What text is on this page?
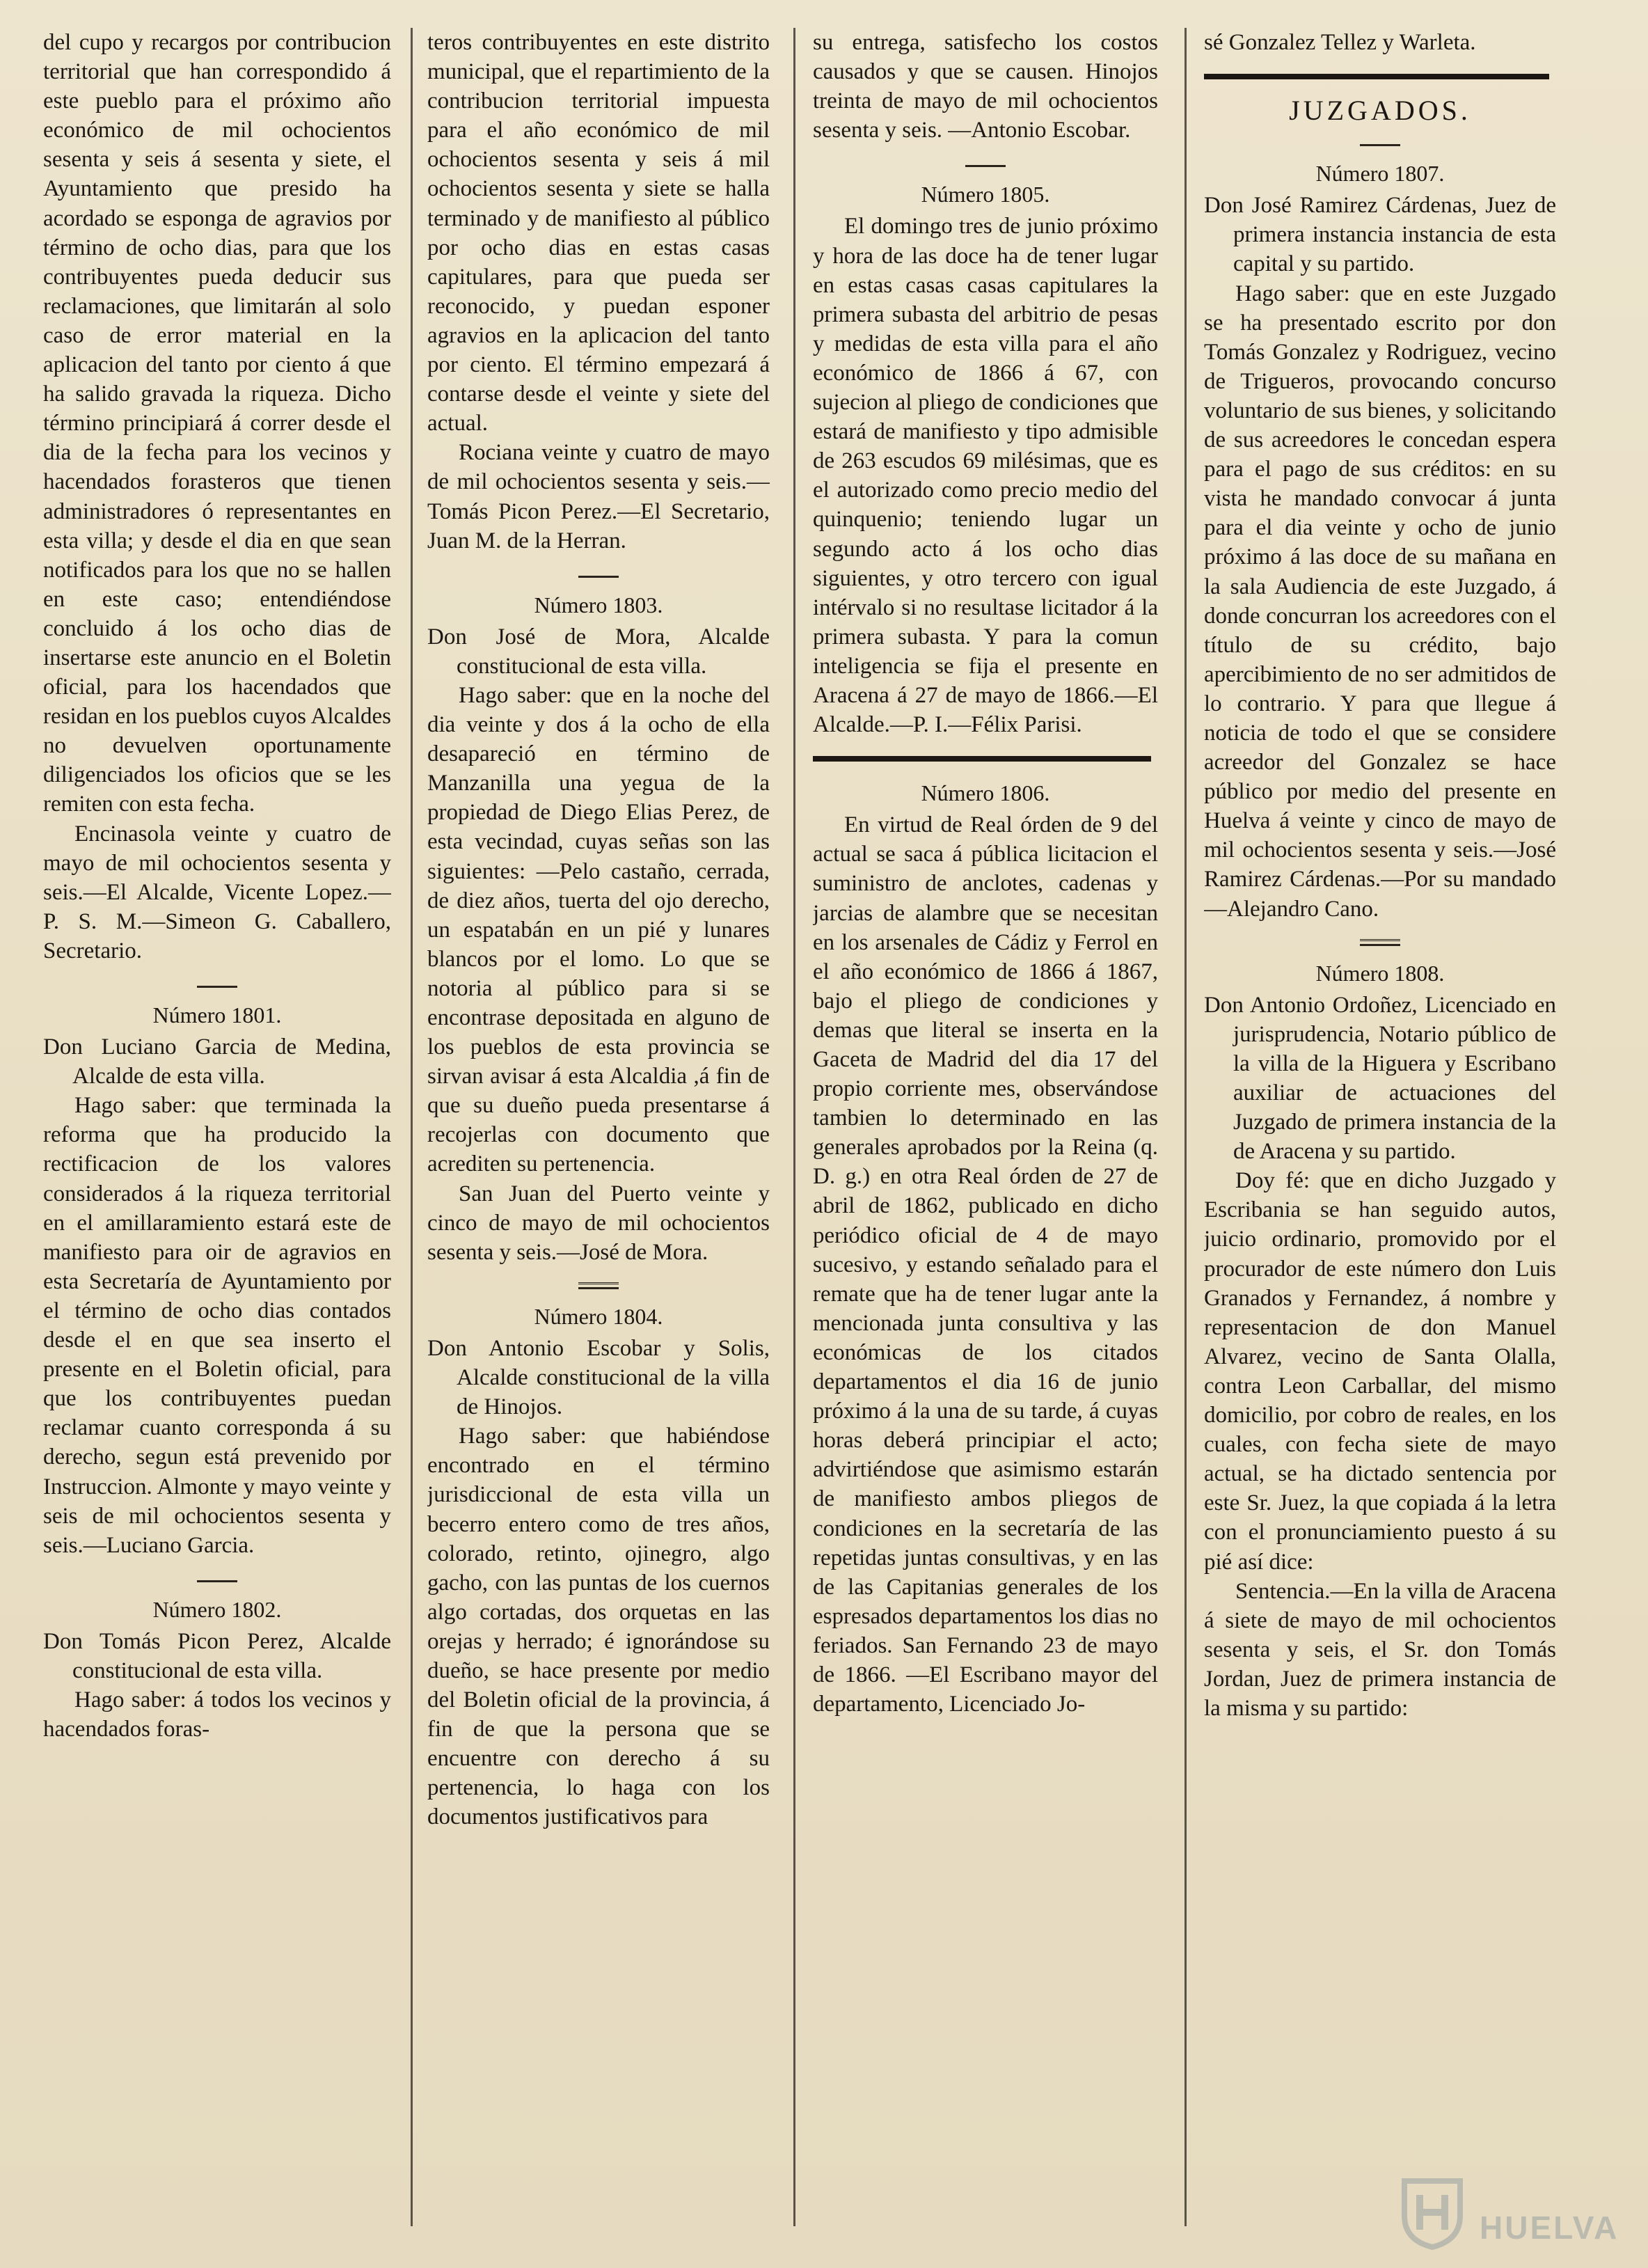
del cupo y recargos por contribucion territorial que han correspondido á este pueblo para el próximo año económico de mil ochocientos sesenta y seis á sesenta y siete, el Ayuntamiento que presido ha acordado se esponga de agravios por término de ocho dias, para que los contribuyentes pueda deducir sus reclamaciones, que limitarán al solo caso de error material en la aplicacion del tanto por ciento á que ha salido gravada la riqueza. Dicho término principiará á correr desde el dia de la fecha para los vecinos y hacendados forasteros que tienen administradores ó representantes en esta villa; y desde el dia en que sean notificados para los que no se hallen en este caso; entendiéndose concluido á los ocho dias de insertarse este anuncio en el Boletin oficial, para los hacendados que residan en los pueblos cuyos Alcaldes no devuelven oportunamente diligenciados los oficios que se les remiten con esta fecha.

Encinasola veinte y cuatro de mayo de mil ochocientos sesenta y seis.—El Alcalde, Vicente Lopez.—P. S. M.—Simeon G. Caballero, Secretario.

Número 1801.

Don Luciano Garcia de Medina, Alcalde de esta villa.

Hago saber: que terminada la reforma que ha producido la rectificacion de los valores considerados á la riqueza territorial en el amillaramiento estará este de manifiesto para oir de agravios en esta Secretaría de Ayuntamiento por el término de ocho dias contados desde el en que sea inserto el presente en el Boletin oficial, para que los contribuyentes puedan reclamar cuanto corresponda á su derecho, segun está prevenido por Instruccion. Almonte y mayo veinte y seis de mil ochocientos sesenta y seis.—Luciano Garcia.

Número 1802.

Don Tomás Picon Perez, Alcalde constitucional de esta villa.

Hago saber: á todos los vecinos y hacendados foras-

teros contribuyentes en este distrito municipal, que el repartimiento de la contribucion territorial impuesta para el año económico de mil ochocientos sesenta y seis á mil ochocientos sesenta y siete se halla terminado y de manifiesto al público por ocho dias en estas casas capitulares, para que pueda ser reconocido, y puedan esponer agravios en la aplicacion del tanto por ciento. El término empezará á contarse desde el veinte y siete del actual.

Rociana veinte y cuatro de mayo de mil ochocientos sesenta y seis.—Tomás Picon Perez.—El Secretario, Juan M. de la Herran.

Número 1803.

Don José de Mora, Alcalde constitucional de esta villa.

Hago saber: que en la noche del dia veinte y dos á la ocho de ella desapareció en término de Manzanilla una yegua de la propiedad de Diego Elias Perez, de esta vecindad, cuyas señas son las siguientes: —Pelo castaño, cerrada, de diez años, tuerta del ojo derecho, un espatabán en un pié y lunares blancos por el lomo. Lo que se notoria al público para si se encontrase depositada en alguno de los pueblos de esta provincia se sirvan avisar á esta Alcaldia ,á fin de que su dueño pueda presentarse á recojerlas con documento que acrediten su pertenencia.

San Juan del Puerto veinte y cinco de mayo de mil ochocientos sesenta y seis.—José de Mora.

Número 1804.

Don Antonio Escobar y Solis, Alcalde constitucional de la villa de Hinojos.

Hago saber: que habiéndose encontrado en el término jurisdiccional de esta villa un becerro entero como de tres años, colorado, retinto, ojinegro, algo gacho, con las puntas de los cuernos algo cortadas, dos orquetas en las orejas y herrado; é ignorándose su dueño, se hace presente por medio del Boletin oficial de la provincia, á fin de que la persona que se encuentre con derecho á su pertenencia, lo haga con los documentos justificativos para

su entrega, satisfecho los costos causados y que se causen. Hinojos treinta de mayo de mil ochocientos sesenta y seis. —Antonio Escobar.

Número 1805.

El domingo tres de junio próximo y hora de las doce ha de tener lugar en estas casas casas capitulares la primera subasta del arbitrio de pesas y medidas de esta villa para el año económico de 1866 á 67, con sujecion al pliego de condiciones que estará de manifiesto y tipo admisible de 263 escudos 69 milésimas, que es el autorizado como precio medio del quinquenio; teniendo lugar un segundo acto á los ocho dias siguientes, y otro tercero con igual intérvalo si no resultase licitador á la primera subasta. Y para la comun inteligencia se fija el presente en Aracena á 27 de mayo de 1866.—El Alcalde.—P. I.—Félix Parisi.

Número 1806.

En virtud de Real órden de 9 del actual se saca á pública licitacion el suministro de anclotes, cadenas y jarcias de alambre que se necesitan en los arsenales de Cádiz y Ferrol en el año económico de 1866 á 1867, bajo el pliego de condiciones y demas que literal se inserta en la Gaceta de Madrid del dia 17 del propio corriente mes, observándose tambien lo determinado en las generales aprobados por la Reina (q. D. g.) en otra Real órden de 27 de abril de 1862, publicado en dicho periódico oficial de 4 de mayo sucesivo, y estando señalado para el remate que ha de tener lugar ante la mencionada junta consultiva y las económicas de los citados departamentos el dia 16 de junio próximo á la una de su tarde, á cuyas horas deberá principiar el acto; advirtiéndose que asimismo estarán de manifiesto ambos pliegos de condiciones en la secretaría de las repetidas juntas consultivas, y en las de las Capitanias generales de los espresados departamentos los dias no feriados. San Fernando 23 de mayo de 1866. —El Escribano mayor del departamento, Licenciado Jo-

sé Gonzalez Tellez y Warleta.

JUZGADOS.

Número 1807.

Don José Ramirez Cárdenas, Juez de primera instancia instancia de esta capital y su partido.

Hago saber: que en este Juzgado se ha presentado escrito por don Tomás Gonzalez y Rodriguez, vecino de Trigueros, provocando concurso voluntario de sus bienes, y solicitando de sus acreedores le concedan espera para el pago de sus créditos: en su vista he mandado convocar á junta para el dia veinte y ocho de junio próximo á las doce de su mañana en la sala Audiencia de este Juzgado, á donde concurran los acreedores con el título de su crédito, bajo apercibimiento de no ser admitidos de lo contrario. Y para que llegue á noticia de todo el que se considere acreedor del Gonzalez se hace público por medio del presente en Huelva á veinte y cinco de mayo de mil ochocientos sesenta y seis.—José Ramirez Cárdenas.—Por su mandado —Alejandro Cano.

Número 1808.

Don Antonio Ordoñez, Licenciado en jurisprudencia, Notario público de la villa de la Higuera y Escribano auxiliar de actuaciones del Juzgado de primera instancia de la de Aracena y su partido.

Doy fé: que en dicho Juzgado y Escribania se han seguido autos, juicio ordinario, promovido por el procurador de este número don Luis Granados y Fernandez, á nombre y representacion de don Manuel Alvarez, vecino de Santa Olalla, contra Leon Carballar, del mismo domicilio, por cobro de reales, en los cuales, con fecha siete de mayo actual, se ha dictado sentencia por este Sr. Juez, la que copiada á la letra con el pronunciamiento puesto á su pié así dice:

Sentencia.—En la villa de Aracena á siete de mayo de mil ochocientos sesenta y seis, el Sr. don Tomás Jordan, Juez de primera instancia de la misma y su partido:

HUELVA
